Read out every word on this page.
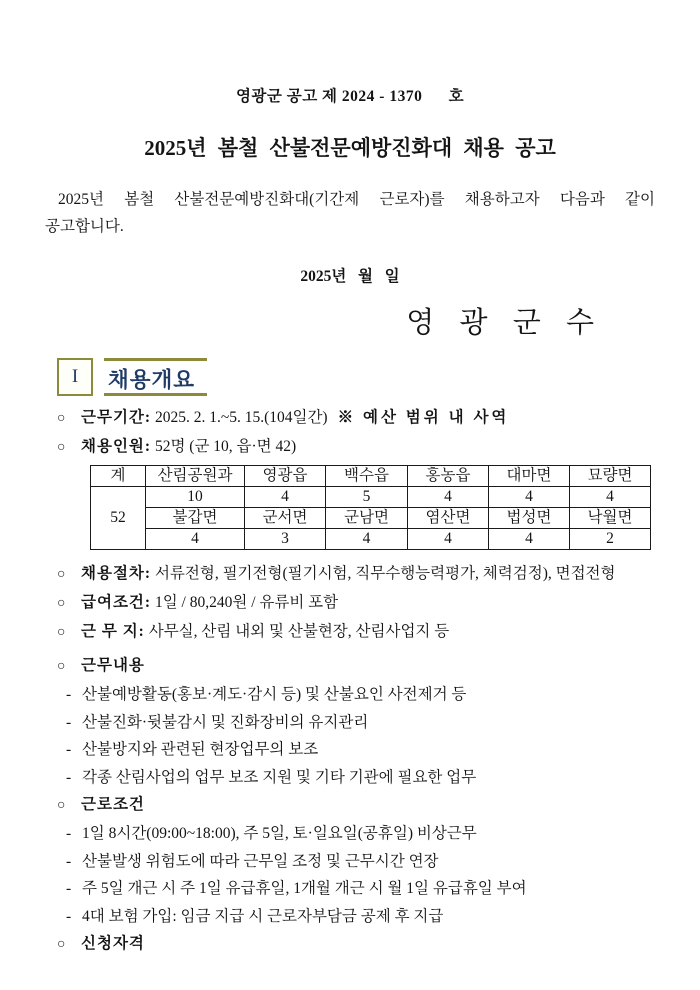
영광군 공고 제 2024 - 1370      호
2025년 봄철 산불전문예방진화대 채용 공고
2025년 봄철 산불전문예방진화대(기간제 근로자)를 채용하고자 다음과 같이
공고합니다.
2025년   월   일
영 광 군 수
I 채용개요
○ 근무기간: 2025. 2. 1.~5. 15.(104일간) ※ 예산 범위 내 사역
○ 채용인원: 52명 (군 10, 읍·면 42)
계	산림공원과	영광읍	백수읍	홍농읍	대마면	묘량면
52	10	4	5	4	4	4
	불갑면	군서면	군남면	염산면	법성면	낙월면
	4	3	4	4	4	2
○ 채용절차: 서류전형, 필기전형(필기시험, 직무수행능력평가, 체력검정), 면접전형
○ 급여조건: 1일 / 80,240원 / 유류비 포함
○ 근 무 지: 사무실, 산림 내외 및 산불현장, 산림사업지 등
○ 근무내용
- 산불예방활동(홍보·계도·감시 등) 및 산불요인 사전제거 등
- 산불진화·뒷불감시 및 진화장비의 유지관리
- 산불방지와 관련된 현장업무의 보조
- 각종 산림사업의 업무 보조 지원 및 기타 기관에 필요한 업무
○ 근로조건
- 1일 8시간(09:00~18:00), 주 5일, 토·일요일(공휴일) 비상근무
- 산불발생 위험도에 따라 근무일 조정 및 근무시간 연장
- 주 5일 개근 시 주 1일 유급휴일, 1개월 개근 시 월 1일 유급휴일 부여
- 4대 보험 가입: 임금 지급 시 근로자부담금 공제 후 지급
○ 신청자격
